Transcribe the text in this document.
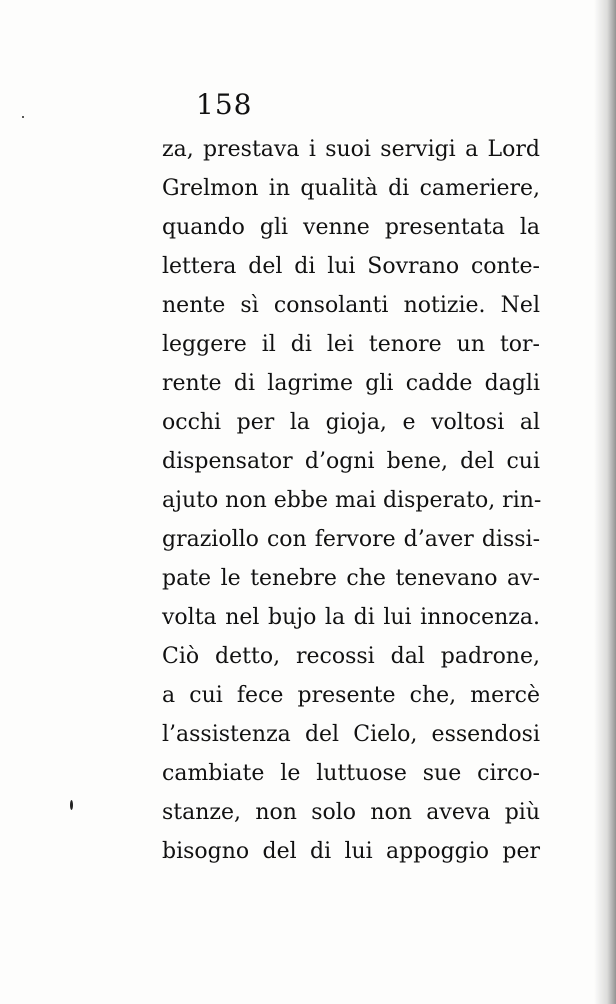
158
za, prestava i suoi servigi a Lord
Grelmon in qualità di cameriere,
quando gli venne presentata la
lettera del di lui Sovrano conte-
nente sì consolanti notizie. Nel
leggere il di lei tenore un tor-
rente di lagrime gli cadde dagli
occhi per la gioja, e voltosi al
dispensator d’ogni bene, del cui
ajuto non ebbe mai disperato, rin-
graziollo con fervore d’aver dissi-
pate le tenebre che tenevano av-
volta nel bujo la di lui innocenza.
Ciò detto, recossi dal padrone,
a cui fece presente che, mercè
l’assistenza del Cielo, essendosi
cambiate le luttuose sue circo-
stanze, non solo non aveva più
bisogno del di lui appoggio per
